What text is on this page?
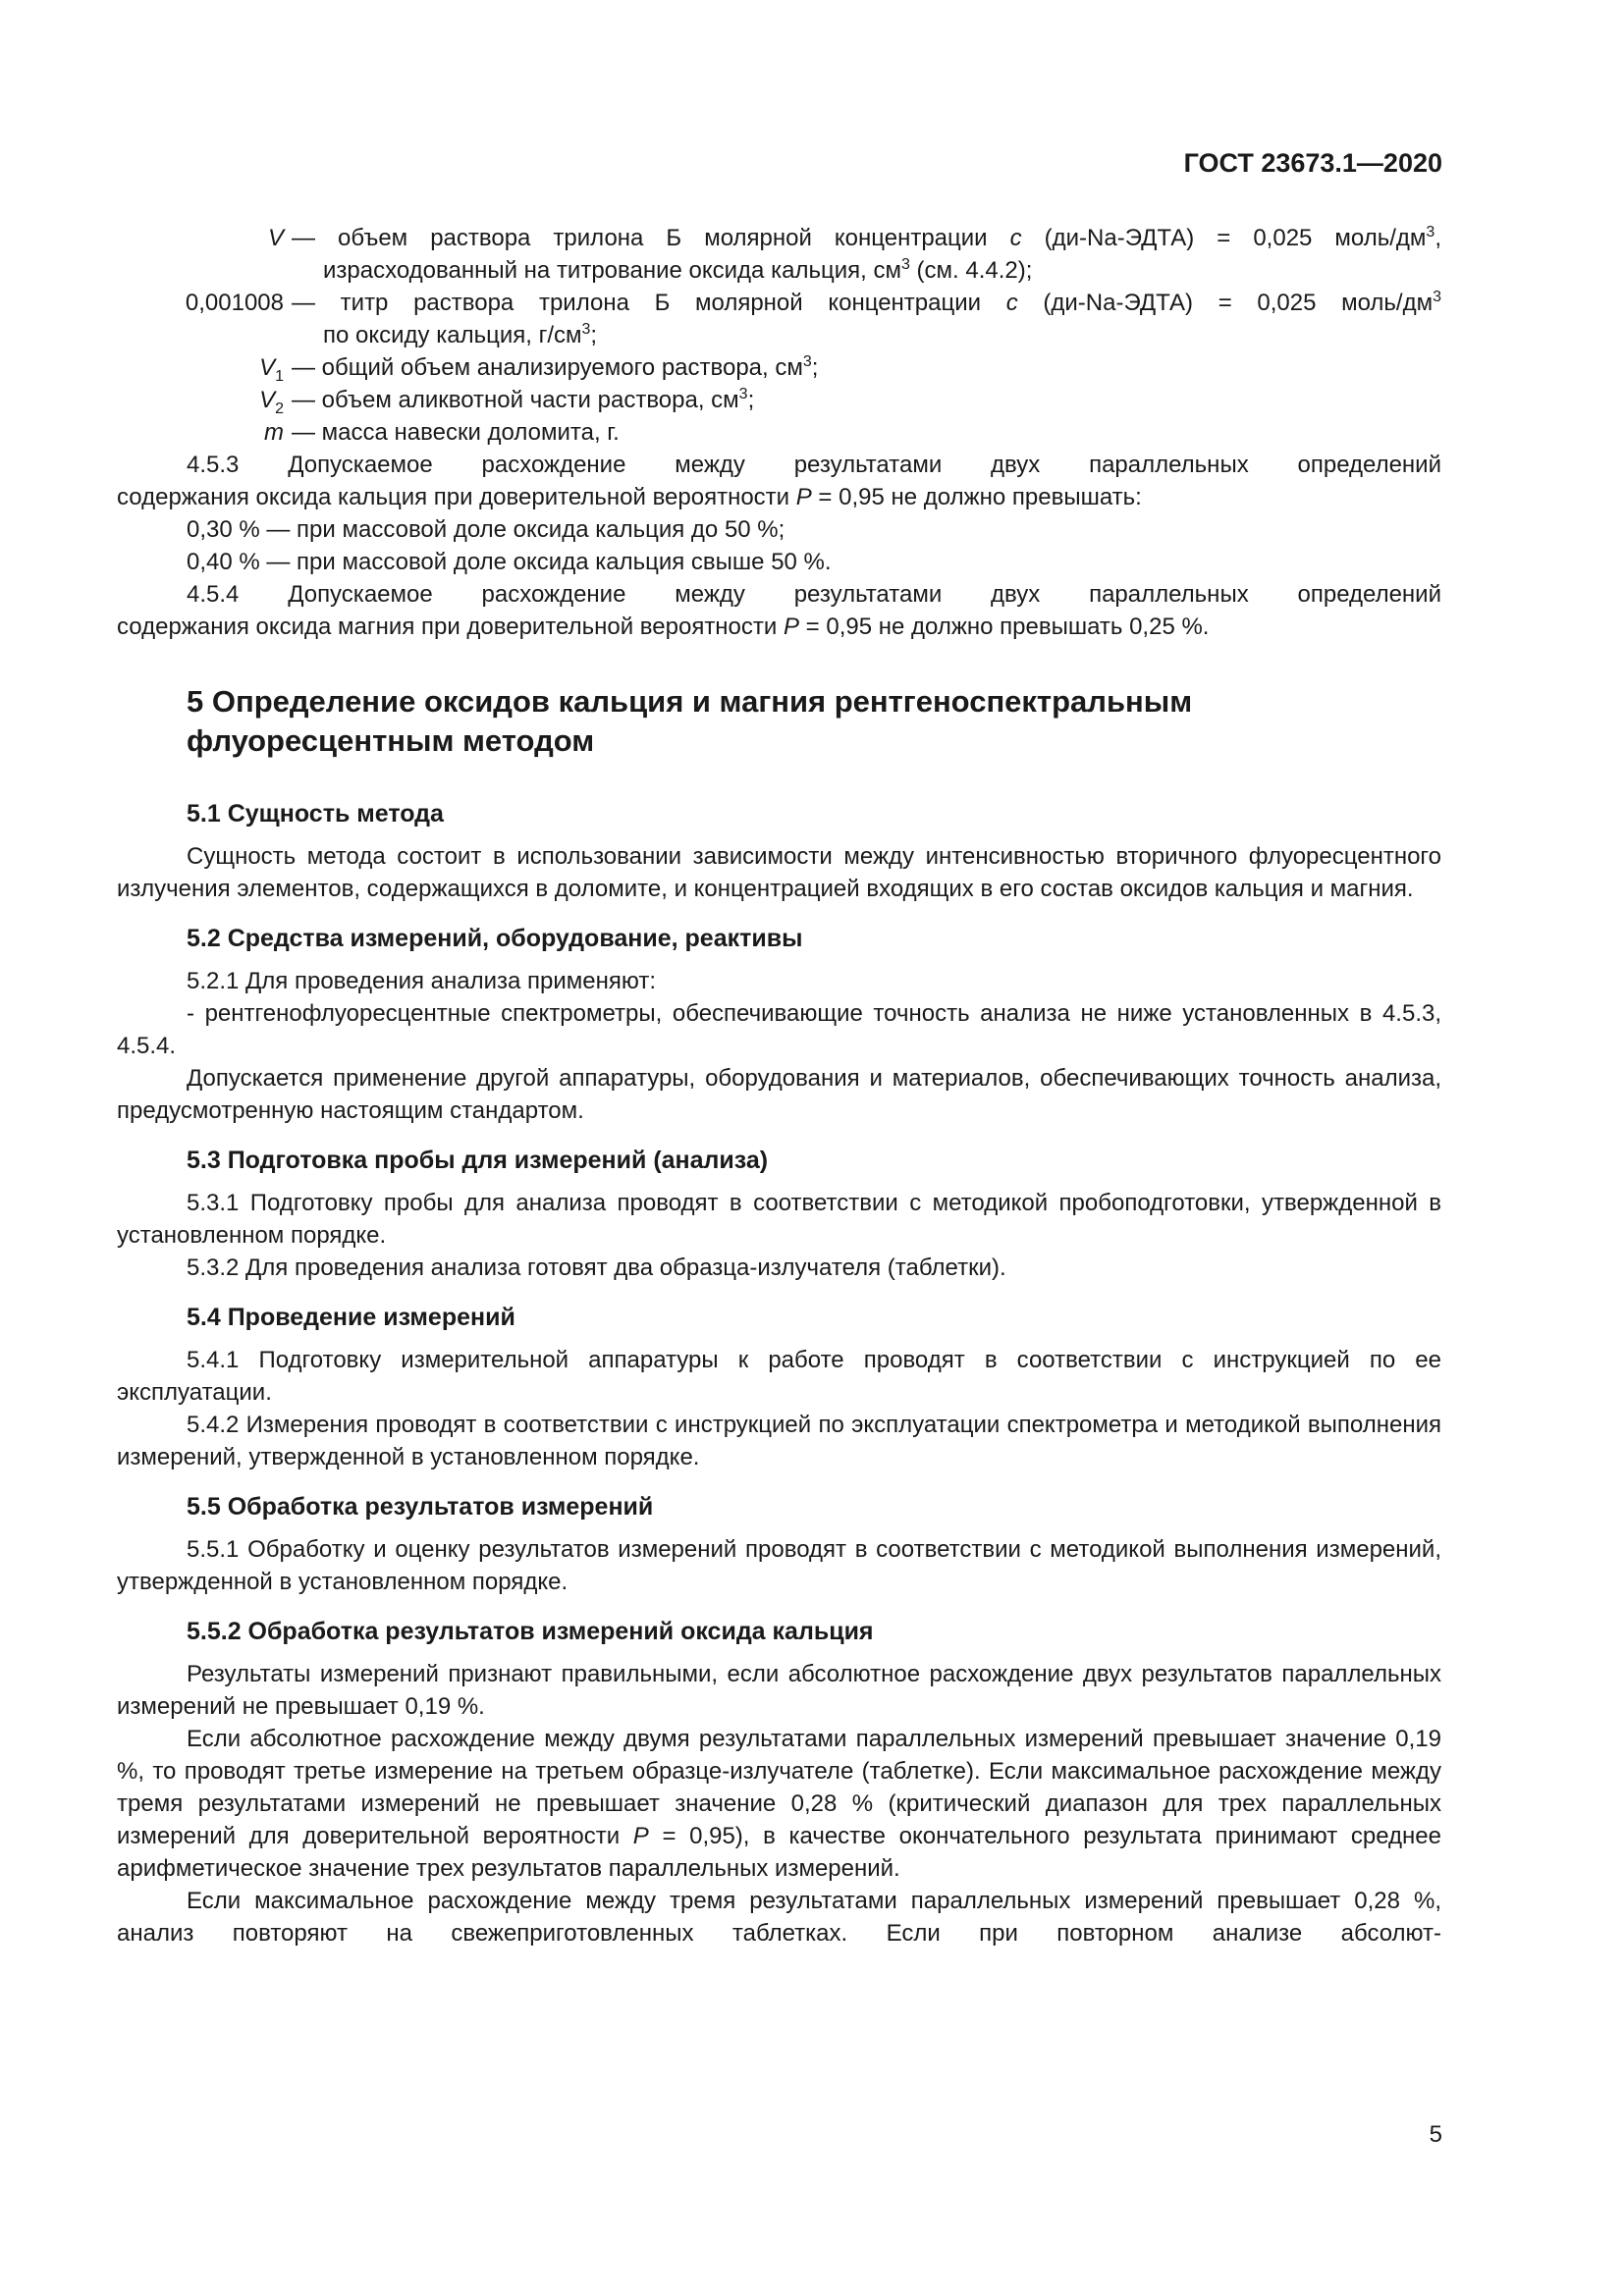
ГОСТ 23673.1—2020
V — объем раствора трилона Б молярной концентрации c (ди-Na-ЭДТА) = 0,025 моль/$дм^3$,
израсходованный на титрование оксида кальция, $см^3$ (см. 4.4.2);
0,001008 — титр раствора трилона Б молярной концентрации c (ди-Na-ЭДТА) = 0,025 моль/$дм^3$
по оксиду кальция, $г/см^3$;
$V_1$ — общий объем анализируемого раствора, $см^3$;
$V_2$ — объем аликвотной части раствора, $см^3$;
m — масса навески доломита, г.

4.5.3 Допускаемое расхождение между результатами двух параллельных определений

содержания оксида кальция при доверительной вероятности P = 0,95 не должно превышать:

0,30 % — при массовой доле оксида кальция до 50 %;

0,40 % — при массовой доле оксида кальция свыше 50 %.

4.5.4 Допускаемое расхождение между результатами двух параллельных определений

содержания оксида магния при доверительной вероятности P = 0,95 не должно превышать 0,25 %.

5 Определение оксидов кальция и магния рентгеноспектральным
флуоресцентным методом
5.1 Сущность метода

Сущность метода состоит в использовании зависимости между интенсивностью вторичного флуоресцентного излучения элементов, содержащихся в доломите, и концентрацией входящих в его состав оксидов кальция и магния.

5.2 Средства измерений, оборудование, реактивы

5.2.1 Для проведения анализа применяют:

- рентгенофлуоресцентные спектрометры, обеспечивающие точность анализа не ниже установленных в 4.5.3, 4.5.4.

Допускается применение другой аппаратуры, оборудования и материалов, обеспечивающих точность анализа, предусмотренную настоящим стандартом.

5.3 Подготовка пробы для измерений (анализа)

5.3.1 Подготовку пробы для анализа проводят в соответствии с методикой пробоподготовки, утвержденной в установленном порядке.

5.3.2 Для проведения анализа готовят два образца-излучателя (таблетки).

5.4 Проведение измерений

5.4.1 Подготовку измерительной аппаратуры к работе проводят в соответствии с инструкцией по ее эксплуатации.

5.4.2 Измерения проводят в соответствии с инструкцией по эксплуатации спектрометра и методикой выполнения измерений, утвержденной в установленном порядке.

5.5 Обработка результатов измерений

5.5.1 Обработку и оценку результатов измерений проводят в соответствии с методикой выполнения измерений, утвержденной в установленном порядке.

5.5.2 Обработка результатов измерений оксида кальция

Результаты измерений признают правильными, если абсолютное расхождение двух результатов параллельных измерений не превышает 0,19 %.

Если абсолютное расхождение между двумя результатами параллельных измерений превышает значение 0,19 %, то проводят третье измерение на третьем образце-излучателе (таблетке). Если максимальное расхождение между тремя результатами измерений не превышает значение 0,28 % (критический диапазон для трех параллельных измерений для доверительной вероятности P = 0,95), в качестве окончательного результата принимают среднее арифметическое значение трех результатов параллельных измерений.

Если максимальное расхождение между тремя результатами параллельных измерений превышает 0,28 %, анализ повторяют на свежеприготовленных таблетках. Если при повторном анализе абсолют-

5
